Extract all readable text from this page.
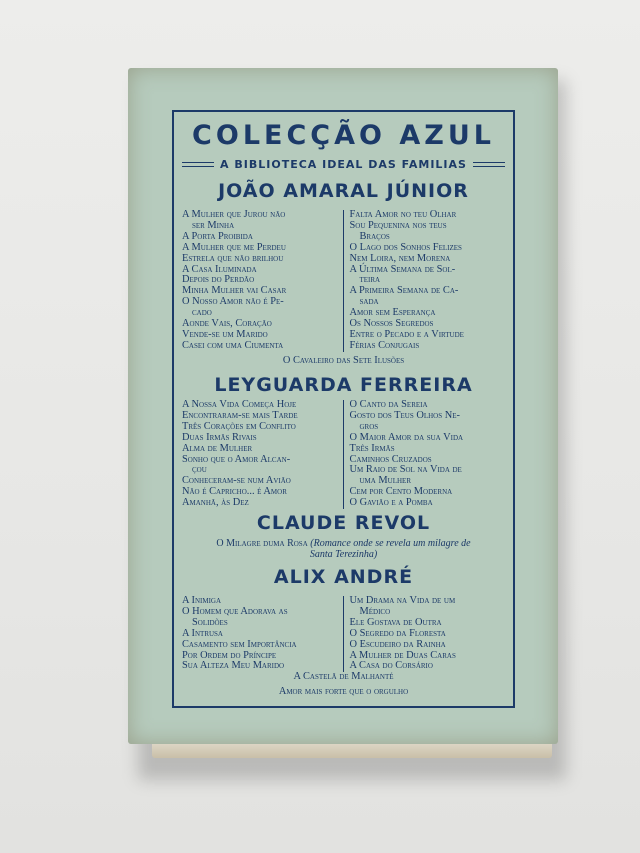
COLECÇÃO AZUL
A BIBLIOTECA IDEAL DAS FAMILIAS
JOÃO AMARAL JÚNIOR
A Mulher que Jurou não
ser Minha
A Porta Proibida
A Mulher que me Perdeu
Estrela que não brilhou
A Casa Iluminada
Depois do Perdão
Minha Mulher vai Casar
O Nosso Amor não é Pe-
cado
Aonde Vais, Coração
Vende-se um Marido
Casei com uma Ciumenta
Falta Amor no teu Olhar
Sou Pequenina nos teus
Braços
O Lago dos Sonhos Felizes
Nem Loira, nem Morena
A Última Semana de Sol-
teira
A Primeira Semana de Ca-
sada
Amor sem Esperança
Os Nossos Segredos
Entre o Pecado e a Virtude
Férias Conjugais
O Cavaleiro das Sete Ilusões
LEYGUARDA FERREIRA
A Nossa Vida Começa Hoje
Encontraram-se mais Tarde
Três Corações em Conflito
Duas Irmãs Rivais
Alma de Mulher
Sonho que o Amor Alcan-
çou
Conheceram-se num Avião
Não é Capricho... é Amor
Amanhã, às Dez
O Canto da Sereia
Gosto dos Teus Olhos Ne-
gros
O Maior Amor da sua Vida
Três Irmãs
Caminhos Cruzados
Um Raio de Sol na Vida de
uma Mulher
Cem por Cento Moderna
O Gavião e a Pomba
CLAUDE REVOL
O Milagre duma Rosa (Romance onde se revela um milagre de
Santa Terezinha)
ALIX ANDRÉ
A Inimiga
O Homem que Adorava as
Solidões
A Intrusa
Casamento sem Importância
Por Ordem do Príncipe
Sua Alteza Meu Marido
Um Drama na Vida de um
Médico
Ele Gostava de Outra
O Segredo da Floresta
O Escudeiro da Rainha
A Mulher de Duas Caras
A Casa do Corsário
A Castelã de Malhanté
Amor mais forte que o orgulho
